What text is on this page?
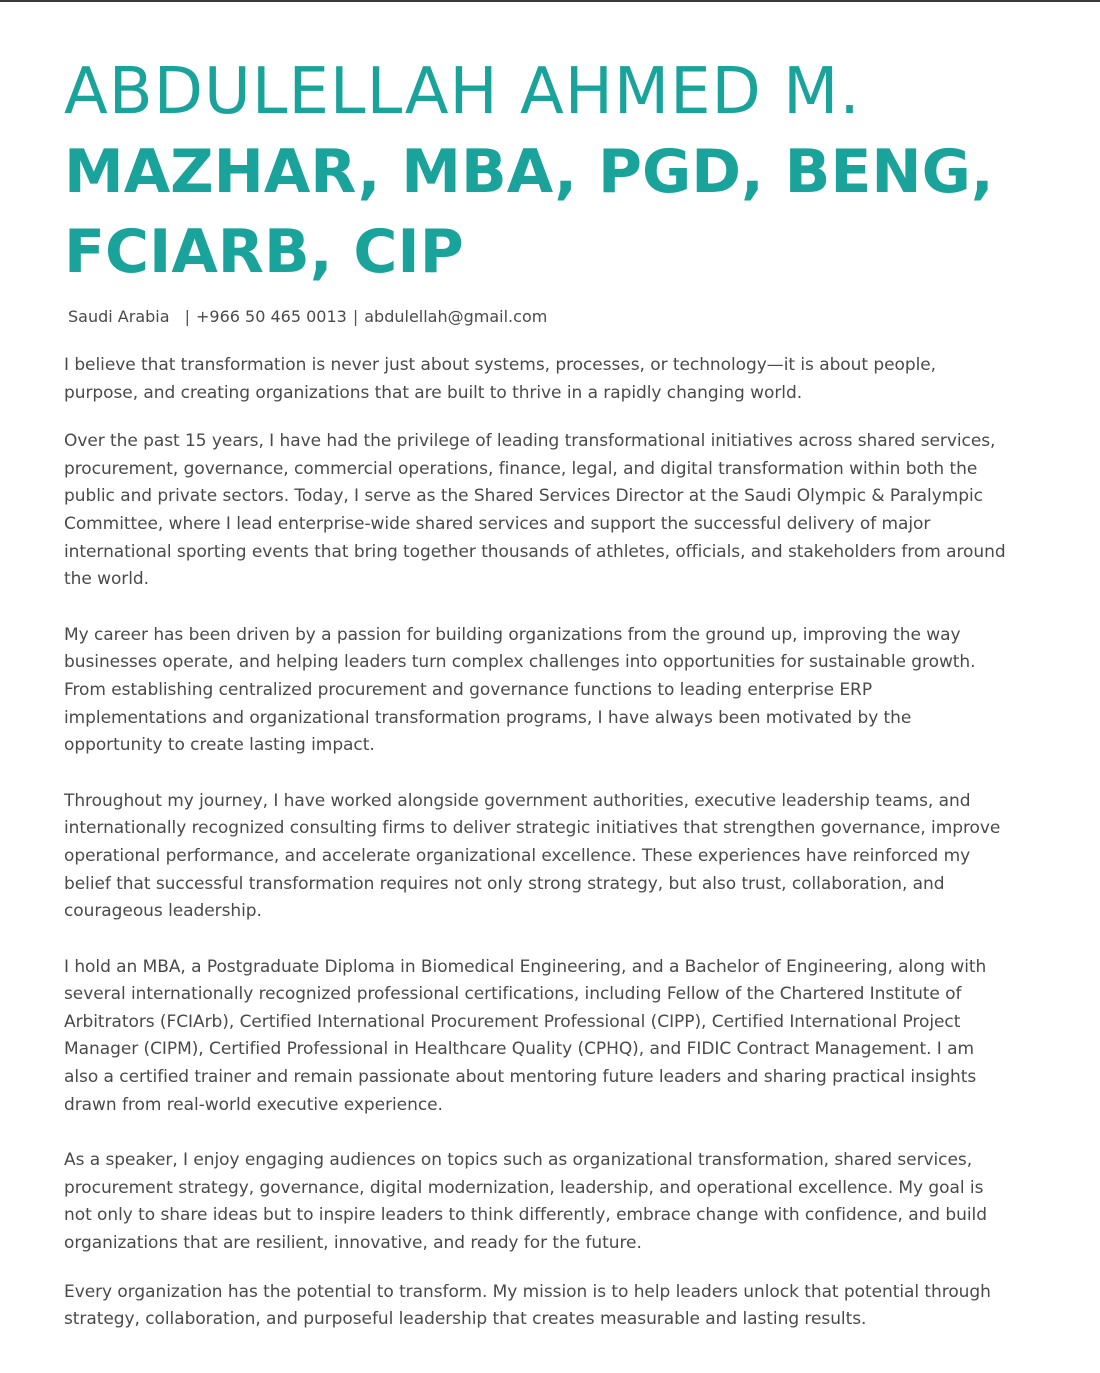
ABDULELLAH AHMED M.
MAZHAR, MBA, PGD, BENG,
FCIARB, CIP
Saudi Arabia | +966 50 465 0013 | abdulellah@gmail.com

I believe that transformation is never just about systems, processes, or technology—it is about people,
purpose, and creating organizations that are built to thrive in a rapidly changing world.

Over the past 15 years, I have had the privilege of leading transformational initiatives across shared services,
procurement, governance, commercial operations, finance, legal, and digital transformation within both the
public and private sectors. Today, I serve as the Shared Services Director at the Saudi Olympic & Paralympic
Committee, where I lead enterprise-wide shared services and support the successful delivery of major
international sporting events that bring together thousands of athletes, officials, and stakeholders from around
the world.

My career has been driven by a passion for building organizations from the ground up, improving the way
businesses operate, and helping leaders turn complex challenges into opportunities for sustainable growth.
From establishing centralized procurement and governance functions to leading enterprise ERP
implementations and organizational transformation programs, I have always been motivated by the
opportunity to create lasting impact.

Throughout my journey, I have worked alongside government authorities, executive leadership teams, and
internationally recognized consulting firms to deliver strategic initiatives that strengthen governance, improve
operational performance, and accelerate organizational excellence. These experiences have reinforced my
belief that successful transformation requires not only strong strategy, but also trust, collaboration, and
courageous leadership.

I hold an MBA, a Postgraduate Diploma in Biomedical Engineering, and a Bachelor of Engineering, along with
several internationally recognized professional certifications, including Fellow of the Chartered Institute of
Arbitrators (FCIArb), Certified International Procurement Professional (CIPP), Certified International Project
Manager (CIPM), Certified Professional in Healthcare Quality (CPHQ), and FIDIC Contract Management. I am
also a certified trainer and remain passionate about mentoring future leaders and sharing practical insights
drawn from real-world executive experience.

As a speaker, I enjoy engaging audiences on topics such as organizational transformation, shared services,
procurement strategy, governance, digital modernization, leadership, and operational excellence. My goal is
not only to share ideas but to inspire leaders to think differently, embrace change with confidence, and build
organizations that are resilient, innovative, and ready for the future.

Every organization has the potential to transform. My mission is to help leaders unlock that potential through
strategy, collaboration, and purposeful leadership that creates measurable and lasting results.
